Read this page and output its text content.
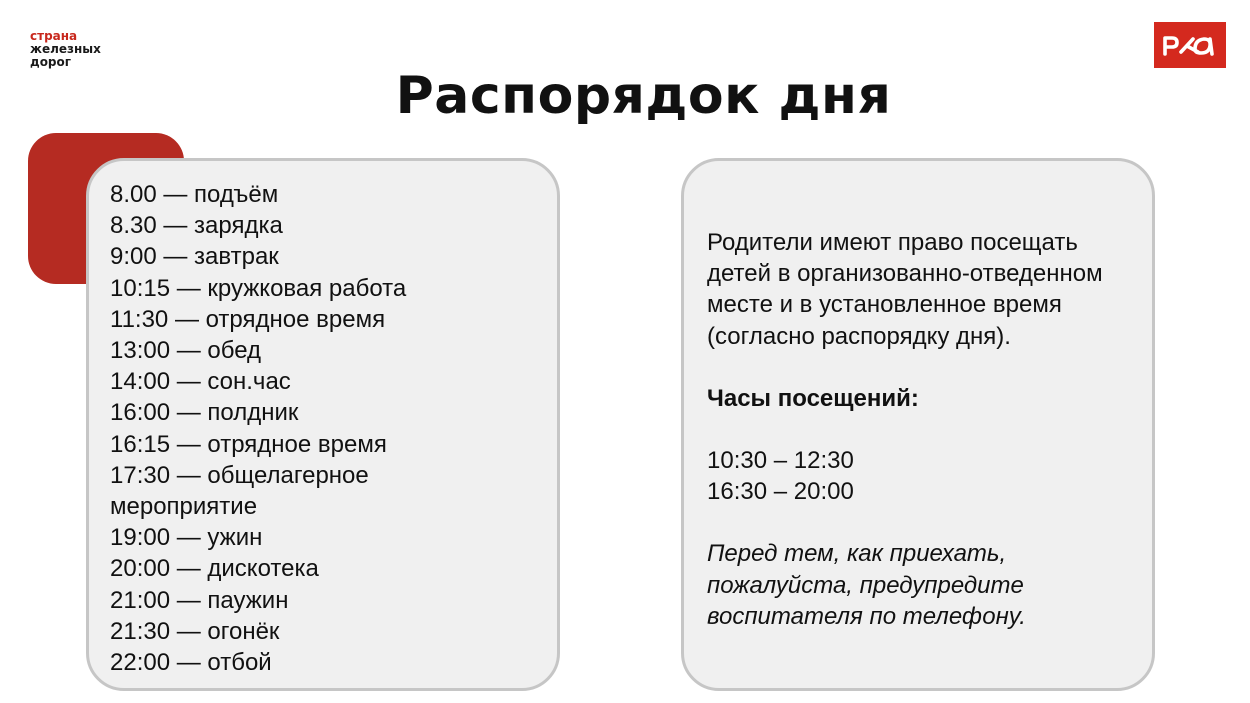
страна
железных
дорог
Распорядок дня
8.00 — подъём
8.30 — зарядка
9:00 — завтрак
10:15 — кружковая работа
11:30 — отрядное время
13:00 — обед
14:00 — сон.час
16:00 — полдник
16:15 — отрядное время
17:30 — общелагерное мероприятие
19:00 — ужин
20:00 — дискотека
21:00 — паужин
21:30 — огонёк
22:00 — отбой

Родители имеют право посещать детей в организованно-отведенном месте и в установленное время (согласно распорядку дня).

Часы посещений:

10:30 – 12:30
16:30 – 20:00

Перед тем, как приехать, пожалуйста, предупредите воспитателя по телефону.
